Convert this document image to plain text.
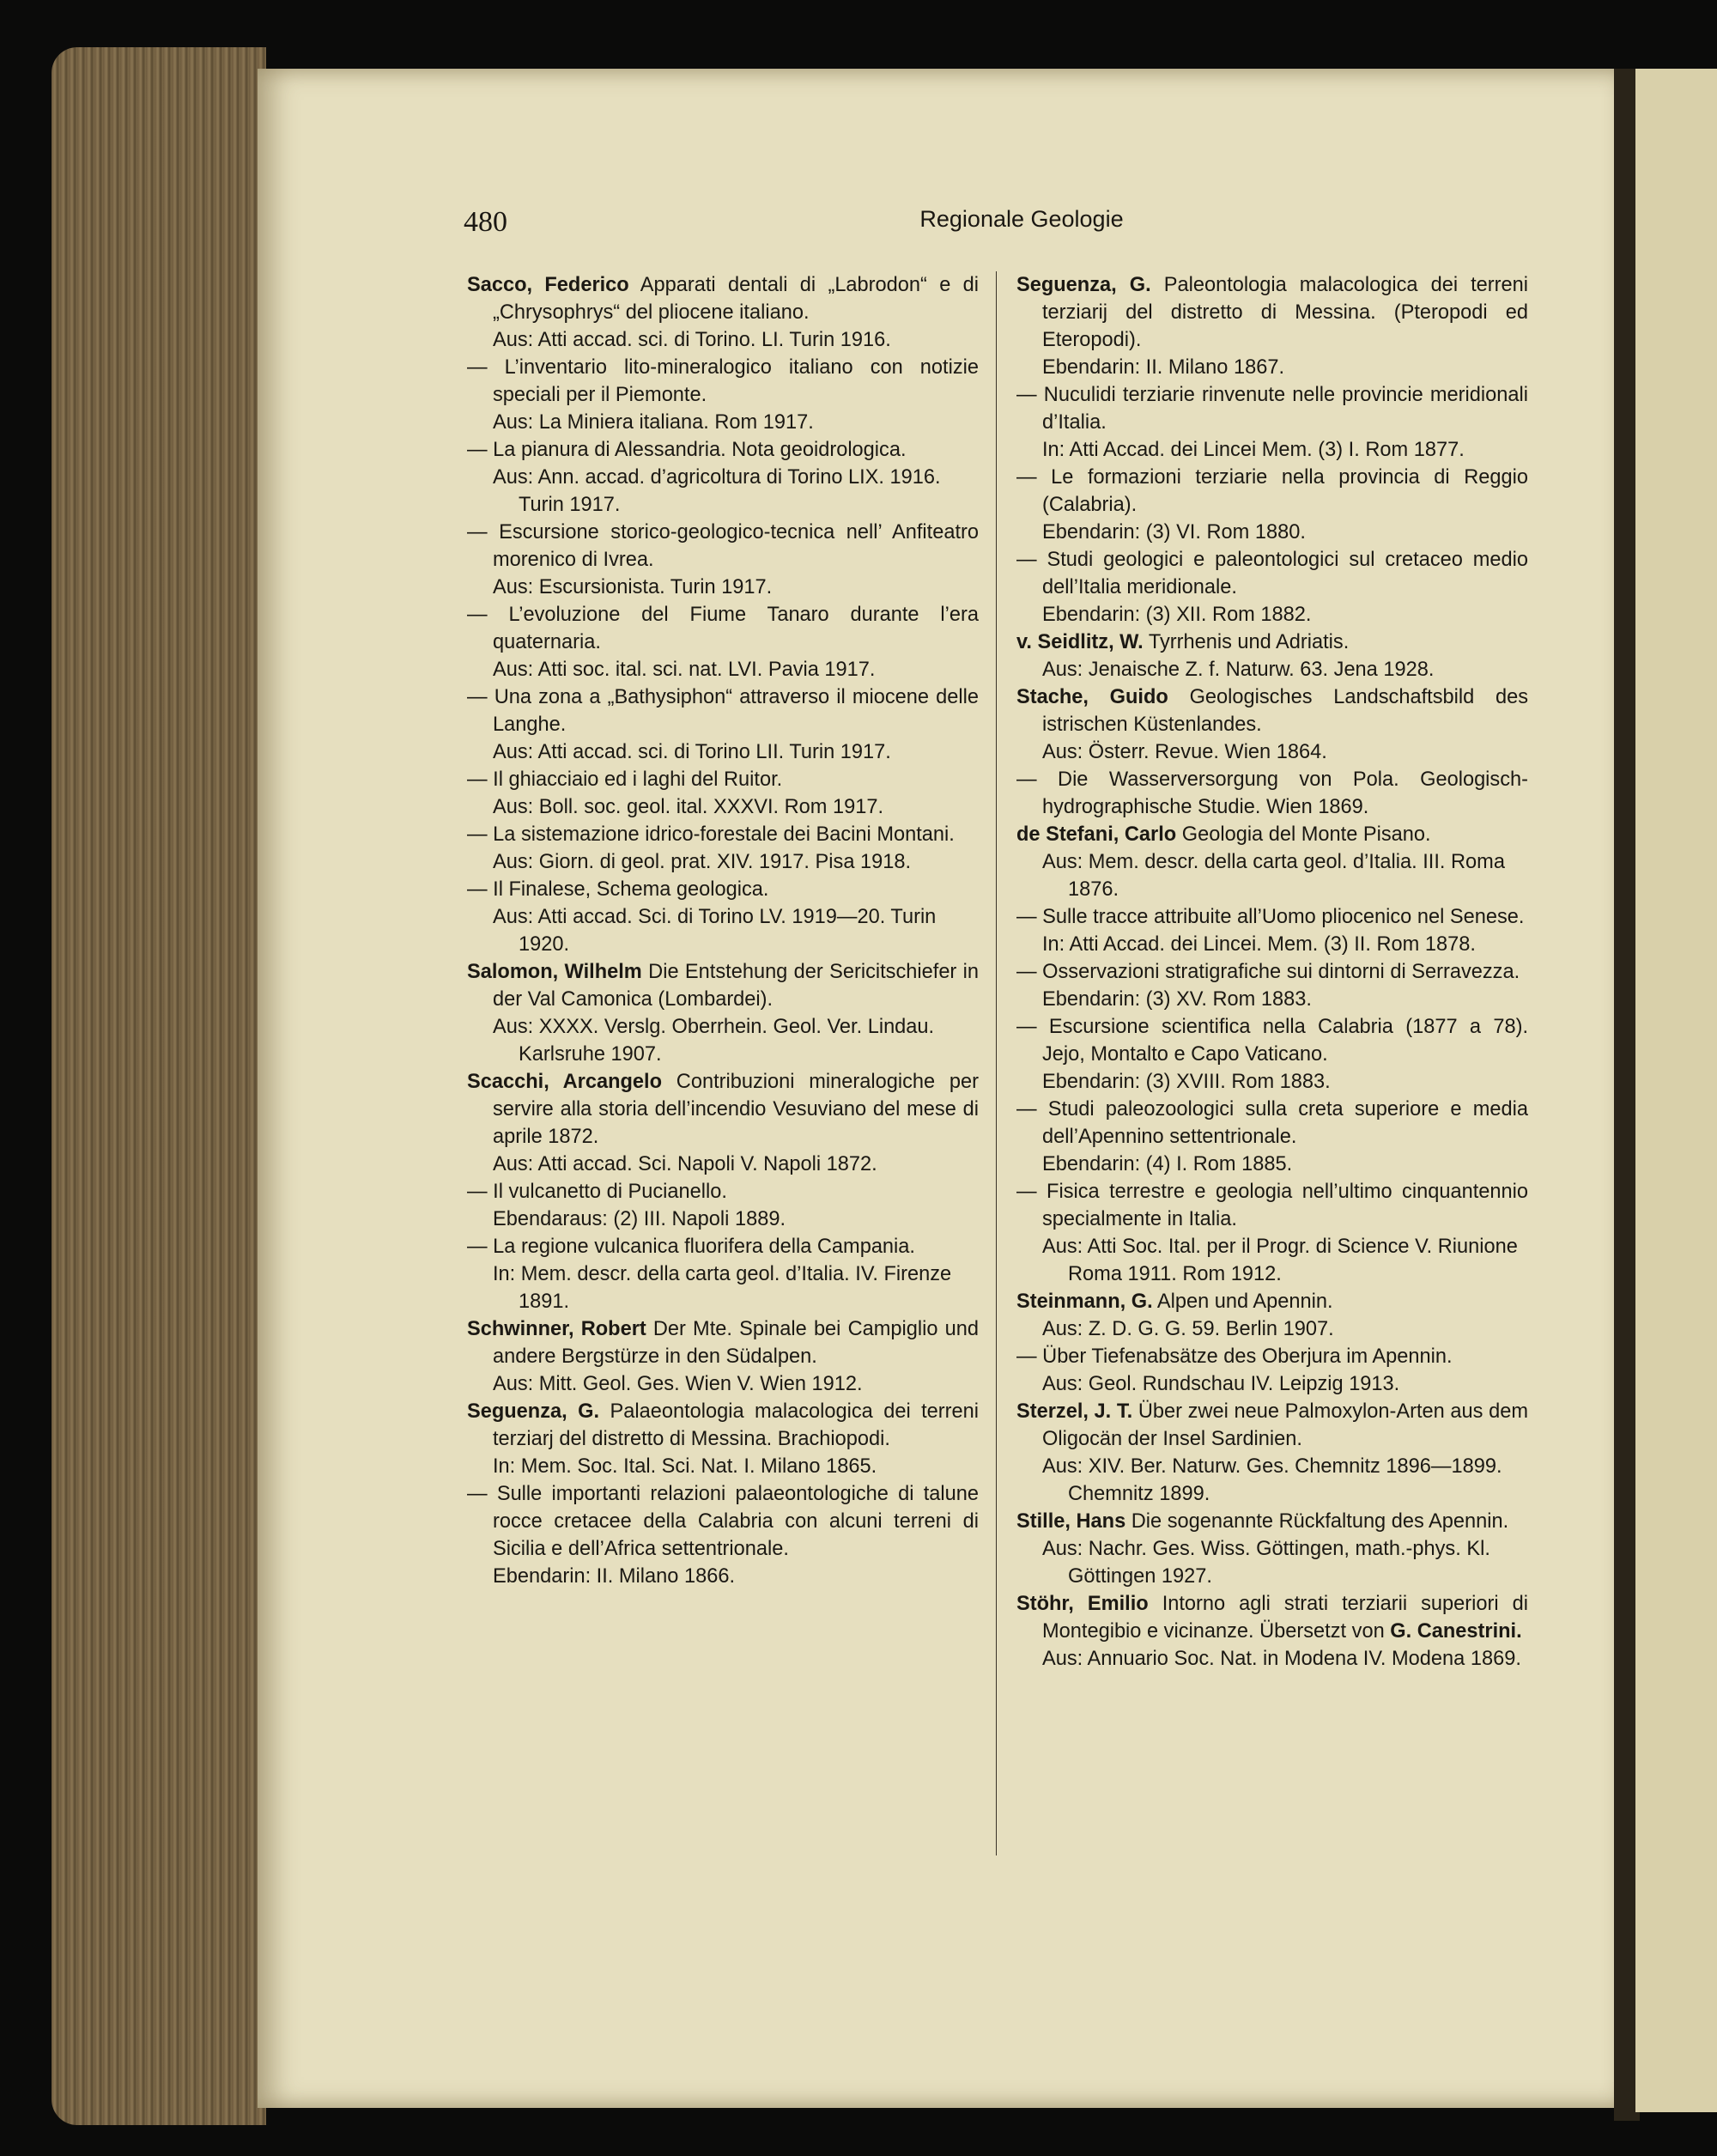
480	Regionale Geologie

Sacco, Federico Apparati dentali di „Labrodon“ e di „Chrysophrys“ del pliocene italiano.

Aus: Atti accad. sci. di Torino. LI. Turin 1916.

— L’inventario lito-mineralogico italiano con notizie speciali per il Piemonte.

Aus: La Miniera italiana. Rom 1917.

— La pianura di Alessandria. Nota geoidrologica.

Aus: Ann. accad. d’agricoltura di Torino LIX. 1916. Turin 1917.

— Escursione storico-geologico-tecnica nell’ Anfiteatro morenico di Ivrea.

Aus: Escursionista. Turin 1917.

— L’evoluzione del Fiume Tanaro durante l’era quaternaria.

Aus: Atti soc. ital. sci. nat. LVI. Pavia 1917.

— Una zona a „Bathysiphon“ attraverso il miocene delle Langhe.

Aus: Atti accad. sci. di Torino LII. Turin 1917.

— Il ghiacciaio ed i laghi del Ruitor.

Aus: Boll. soc. geol. ital. XXXVI. Rom 1917.

— La sistemazione idrico-forestale dei Bacini Montani.

Aus: Giorn. di geol. prat. XIV. 1917. Pisa 1918.

— Il Finalese, Schema geologica.

Aus: Atti accad. Sci. di Torino LV. 1919—20. Turin 1920.

Salomon, Wilhelm Die Entstehung der Sericitschiefer in der Val Camonica (Lombardei).

Aus: XXXX. Verslg. Oberrhein. Geol. Ver. Lindau. Karlsruhe 1907.

Scacchi, Arcangelo Contribuzioni mineralogiche per servire alla storia dell’incendio Vesuviano del mese di aprile 1872.

Aus: Atti accad. Sci. Napoli V. Napoli 1872.

— Il vulcanetto di Pucianello.

Ebendaraus: (2) III. Napoli 1889.

— La regione vulcanica fluorifera della Campania.

In: Mem. descr. della carta geol. d’Italia. IV. Firenze 1891.

Schwinner, Robert Der Mte. Spinale bei Campiglio und andere Bergstürze in den Südalpen.

Aus: Mitt. Geol. Ges. Wien V. Wien 1912.

Seguenza, G. Palaeontologia malacologica dei terreni terziarj del distretto di Messina. Brachiopodi.

In: Mem. Soc. Ital. Sci. Nat. I. Milano 1865.

— Sulle importanti relazioni palaeontologiche di talune rocce cretacee della Calabria con alcuni terreni di Sicilia e dell’Africa settentrionale.

Ebendarin: II. Milano 1866.

Seguenza, G. Paleontologia malacologica dei terreni terziarij del distretto di Messina. (Pteropodi ed Eteropodi).

Ebendarin: II. Milano 1867.

— Nuculidi terziarie rinvenute nelle provincie meridionali d’Italia.

In: Atti Accad. dei Lincei Mem. (3) I. Rom 1877.

— Le formazioni terziarie nella provincia di Reggio (Calabria).

Ebendarin: (3) VI. Rom 1880.

— Studi geologici e paleontologici sul cretaceo medio dell’Italia meridionale.

Ebendarin: (3) XII. Rom 1882.

v. Seidlitz, W. Tyrrhenis und Adriatis.

Aus: Jenaische Z. f. Naturw. 63. Jena 1928.

Stache, Guido Geologisches Landschaftsbild des istrischen Küstenlandes.

Aus: Österr. Revue. Wien 1864.

— Die Wasserversorgung von Pola. Geologisch-hydrographische Studie. Wien 1869.

de Stefani, Carlo Geologia del Monte Pisano.

Aus: Mem. descr. della carta geol. d’Italia. III. Roma 1876.

— Sulle tracce attribuite all’Uomo pliocenico nel Senese.

In: Atti Accad. dei Lincei. Mem. (3) II. Rom 1878.

— Osservazioni stratigrafiche sui dintorni di Serravezza.

Ebendarin: (3) XV. Rom 1883.

— Escursione scientifica nella Calabria (1877 a 78). Jejo, Montalto e Capo Vaticano.

Ebendarin: (3) XVIII. Rom 1883.

— Studi paleozoologici sulla creta superiore e media dell’Apennino settentrionale.

Ebendarin: (4) I. Rom 1885.

— Fisica terrestre e geologia nell’ultimo cinquantennio specialmente in Italia.

Aus: Atti Soc. Ital. per il Progr. di Science V. Riunione Roma 1911. Rom 1912.

Steinmann, G. Alpen und Apennin.

Aus: Z. D. G. G. 59. Berlin 1907.

— Über Tiefenabsätze des Oberjura im Apennin.

Aus: Geol. Rundschau IV. Leipzig 1913.

Sterzel, J. T. Über zwei neue Palmoxylon-Arten aus dem Oligocän der Insel Sardinien.

Aus: XIV. Ber. Naturw. Ges. Chemnitz 1896—1899. Chemnitz 1899.

Stille, Hans Die sogenannte Rückfaltung des Apennin.

Aus: Nachr. Ges. Wiss. Göttingen, math.-phys. Kl. Göttingen 1927.

Stöhr, Emilio Intorno agli strati terziarii superiori di Montegibio e vicinanze. Übersetzt von G. Canestrini.

Aus: Annuario Soc. Nat. in Modena IV. Modena 1869.
